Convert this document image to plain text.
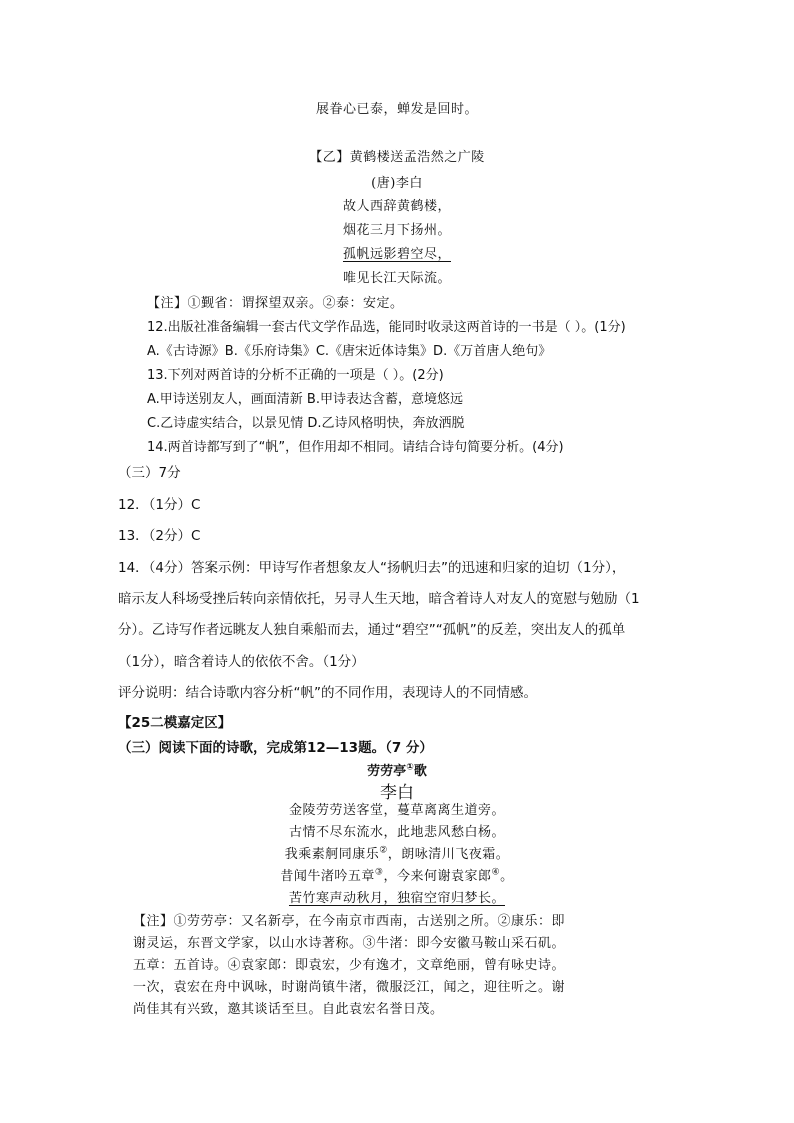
展眷心已泰，蝉发是回时。
【乙】黄鹤楼送孟浩然之广陵
(唐)李白
故人西辞黄鹤楼，
烟花三月下扬州。
孤帆远影碧空尽，
唯见长江天际流。
【注】①觐省：谓探望双亲。②泰：安定。
12.出版社准备编辑一套古代文学作品选，能同时收录这两首诗的一书是（ ）。(1分)
A.《古诗源》B.《乐府诗集》C.《唐宋近体诗集》D.《万首唐人绝句》
13.下列对两首诗的分析不正确的一项是（ ）。(2分)
A.甲诗送别友人，画面清新 B.甲诗表达含蓄，意境悠远
C.乙诗虚实结合，以景见情 D.乙诗风格明快，奔放洒脱
14.两首诗都写到了“帆”，但作用却不相同。请结合诗句简要分析。(4分)
（三）7分
12．（1分）C
13．（2分）C
14．（4分）答案示例：甲诗写作者想象友人“扬帆归去”的迅速和归家的迫切（1分），
暗示友人科场受挫后转向亲情依托，另寻人生天地，暗含着诗人对友人的宽慰与勉励（1
分）。乙诗写作者远眺友人独自乘船而去，通过“碧空”“孤帆”的反差，突出友人的孤单
（1分），暗含着诗人的依依不舍。（1分）
评分说明：结合诗歌内容分析“帆”的不同作用，表现诗人的不同情感。
【25二模嘉定区】
（三）阅读下面的诗歌，完成第12—13题。（7 分）
劳劳亭①歌
李白
金陵劳劳送客堂，蔓草离离生道旁。
古情不尽东流水，此地悲风愁白杨。
我乘素舸同康乐②，朗咏清川飞夜霜。
昔闻牛渚吟五章③，今来何谢袁家郎④。
苦竹寒声动秋月，独宿空帘归梦长。
【注】①劳劳亭：又名新亭，在今南京市西南，古送别之所。②康乐：即
谢灵运，东晋文学家，以山水诗著称。③牛渚：即今安徽马鞍山采石矶。
五章：五首诗。④袁家郎：即袁宏，少有逸才，文章绝丽，曾有咏史诗。
一次，袁宏在舟中讽咏，时谢尚镇牛渚，微服泛江，闻之，迎往听之。谢
尚佳其有兴致，邀其谈话至旦。自此袁宏名誉日茂。
